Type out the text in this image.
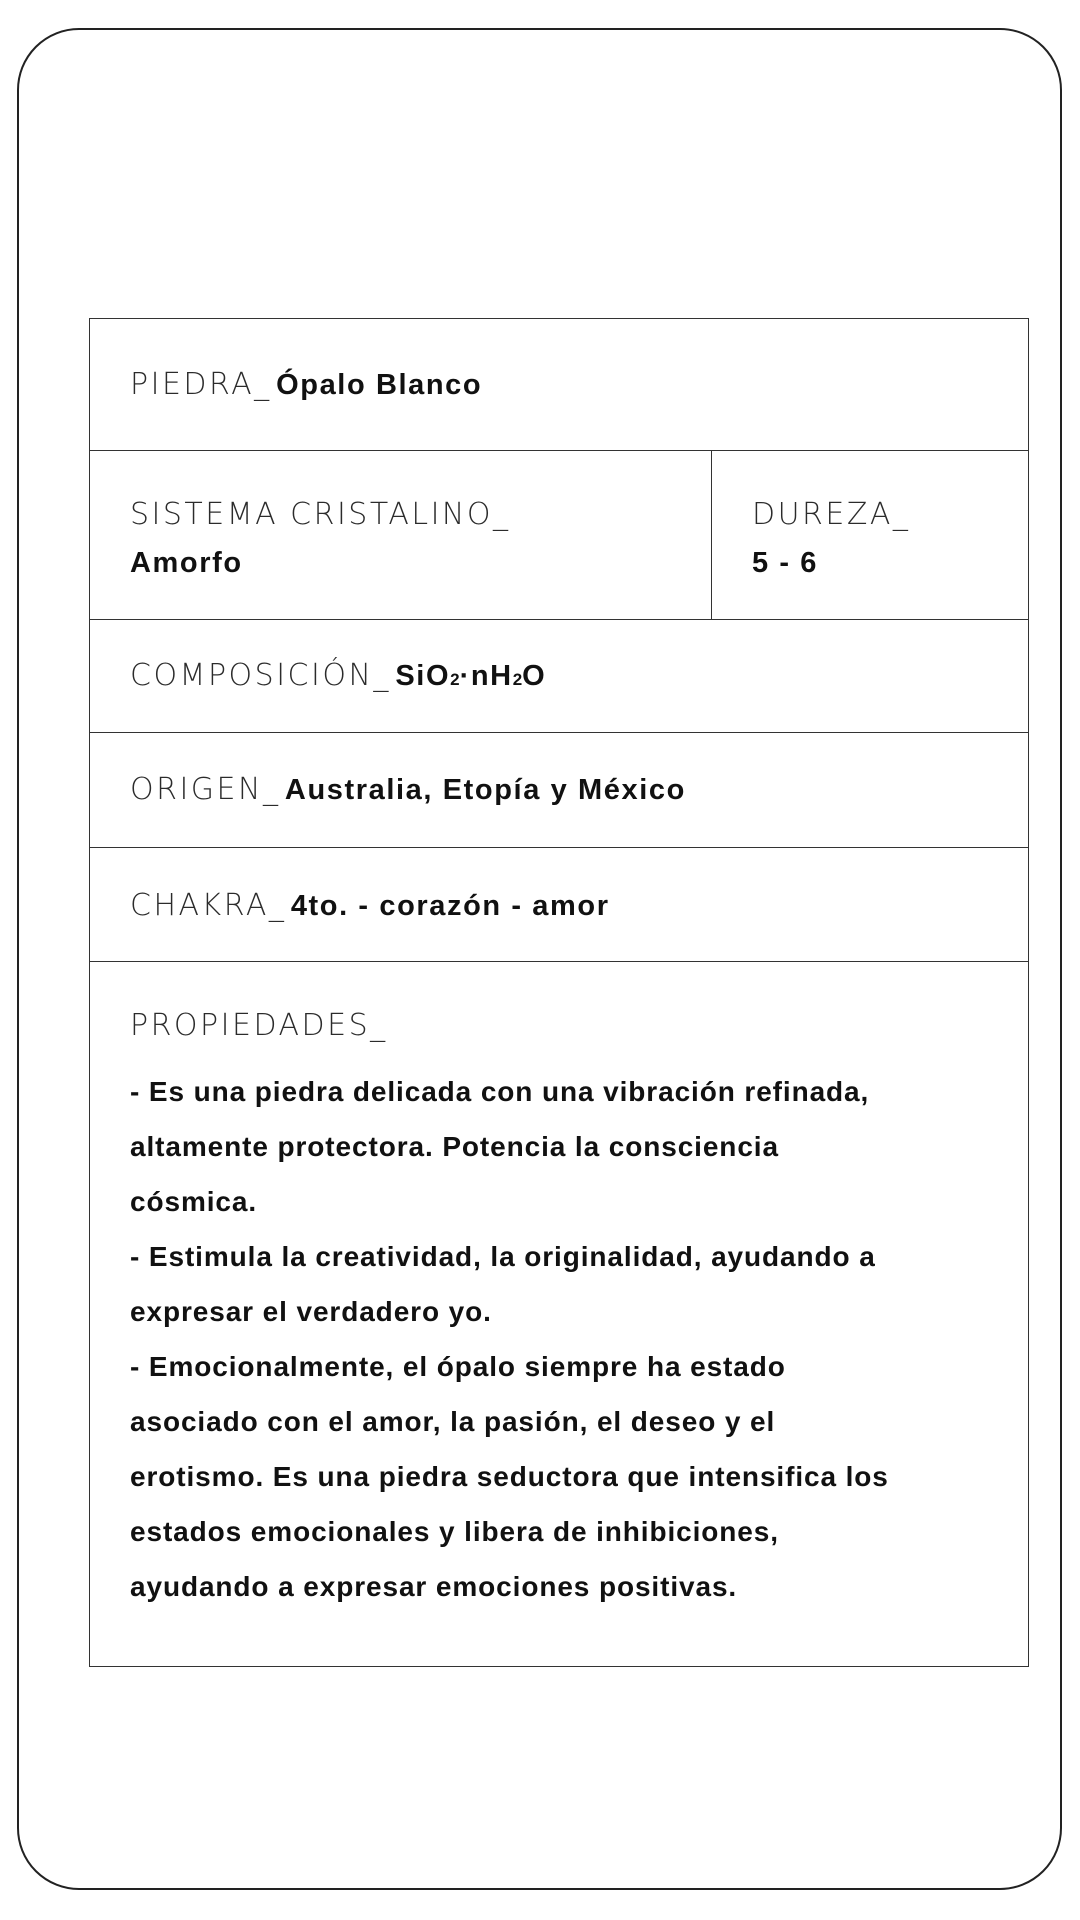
PIEDRA_ Ópalo Blanco
SISTEMA CRISTALINO_
Amorfo
DUREZA_
5 - 6
COMPOSICIÓN_ SiO2·nH2O
ORIGEN_ Australia, Etopía y México
CHAKRA_ 4to. - corazón - amor
PROPIEDADES_
- Es una piedra delicada con una vibración refinada,
altamente protectora. Potencia la consciencia
cósmica.
- Estimula la creatividad, la originalidad, ayudando a
expresar el verdadero yo.
- Emocionalmente, el ópalo siempre ha estado
asociado con el amor, la pasión, el deseo y el
erotismo. Es una piedra seductora que intensifica los
estados emocionales y libera de inhibiciones,
ayudando a expresar emociones positivas.
